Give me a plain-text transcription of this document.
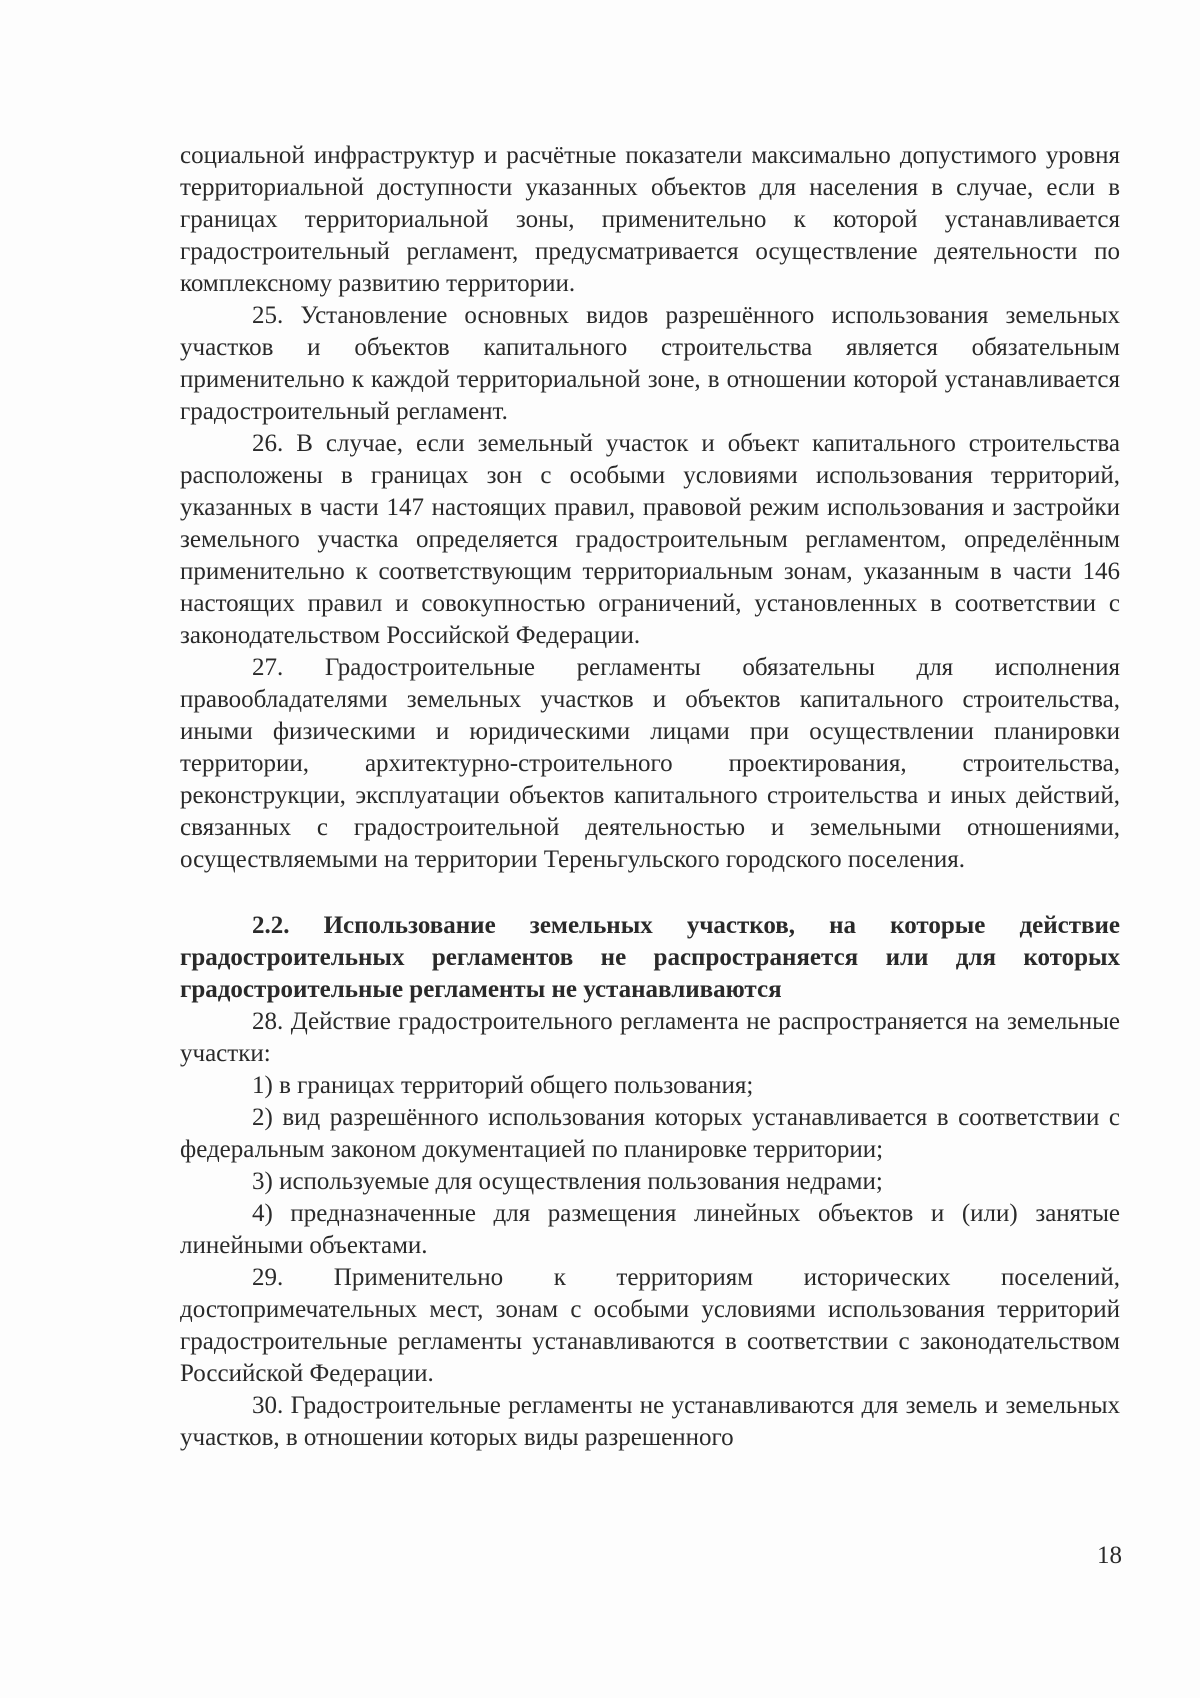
социальной инфраструктур и расчётные показатели максимально допустимого уровня территориальной доступности указанных объектов для населения в случае, если в границах территориальной зоны, применительно к которой устанавливается градостроительный регламент, предусматривается осуществление деятельности по комплексному развитию территории.

25. Установление основных видов разрешённого использования земельных участков и объектов капитального строительства является обязательным применительно к каждой территориальной зоне, в отношении которой устанавливается градостроительный регламент.

26. В случае, если земельный участок и объект капитального строительства расположены в границах зон с особыми условиями использования территорий, указанных в части 147 настоящих правил, правовой режим использования и застройки земельного участка определяется градостроительным регламентом, определённым применительно к соответствующим территориальным зонам, указанным в части 146 настоящих правил и совокупностью ограничений, установленных в соответствии с законодательством Российской Федерации.

27. Градостроительные регламенты обязательны для исполнения правообладателями земельных участков и объектов капитального строительства, иными физическими и юридическими лицами при осуществлении планировки территории, архитектурно-строительного проектирования, строительства, реконструкции, эксплуатации объектов капитального строительства и иных действий, связанных с градостроительной деятельностью и земельными отношениями, осуществляемыми на территории Тереньгульского городского поселения.

2.2. Использование земельных участков, на которые действие градостроительных регламентов не распространяется или для которых градостроительные регламенты не устанавливаются

28. Действие градостроительного регламента не распространяется на земельные участки:

1) в границах территорий общего пользования;

2) вид разрешённого использования которых устанавливается в соответствии с федеральным законом документацией по планировке территории;

3) используемые для осуществления пользования недрами;

4) предназначенные для размещения линейных объектов и (или) занятые линейными объектами.

29. Применительно к территориям исторических поселений, достопримечательных мест, зонам с особыми условиями использования территорий градостроительные регламенты устанавливаются в соответствии с законодательством Российской Федерации.

30. Градостроительные регламенты не устанавливаются для земель и земельных участков, в отношении которых виды разрешенного

18
